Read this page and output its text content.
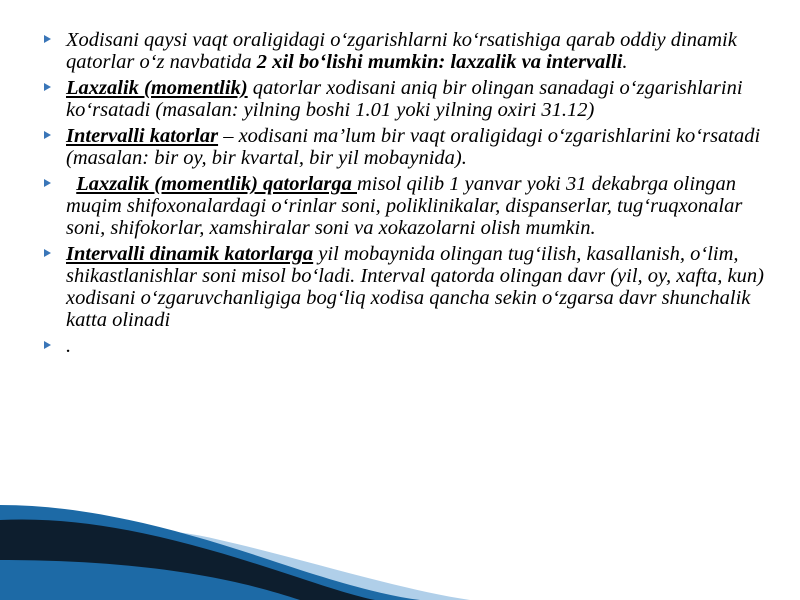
Xodisani qaysi vaqt oraligidagi o‘zgarishlarni ko‘rsatishiga qarab oddiy dinamik qatorlar o‘z navbatida 2 xil bo‘lishi mumkin: laxzalik va intervalli.
Laxzalik (momentlik) qatorlar xodisani aniq bir olingan sanadagi o‘zgarishlarini ko‘rsatadi (masalan: yilning boshi 1.01 yoki yilning oxiri 31.12)
Intervalli katorlar – xodisani ma’lum bir vaqt oraligidagi o‘zgarishlarini ko‘rsatadi (masalan: bir oy, bir kvartal, bir yil mobaynida).
Laxzalik (momentlik) qatorlarga misol qilib 1 yanvar yoki 31 dekabrga olingan muqim shifoxonalardagi o‘rinlar soni, poliklinikalar, dispanserlar, tug‘ruqxonalar soni, shifokorlar, xamshiralar soni va xokazolarni olish mumkin.
Intervalli dinamik katorlarga yil mobaynida olingan tug‘ilish, kasallanish, o‘lim, shikastlanishlar soni misol bo‘ladi. Interval qatorda olingan davr (yil, oy, xafta, kun) xodisani o‘zgaruvchanligiga bog‘liq xodisa qancha sekin o‘zgarsa davr shunchalik katta olinadi
.
